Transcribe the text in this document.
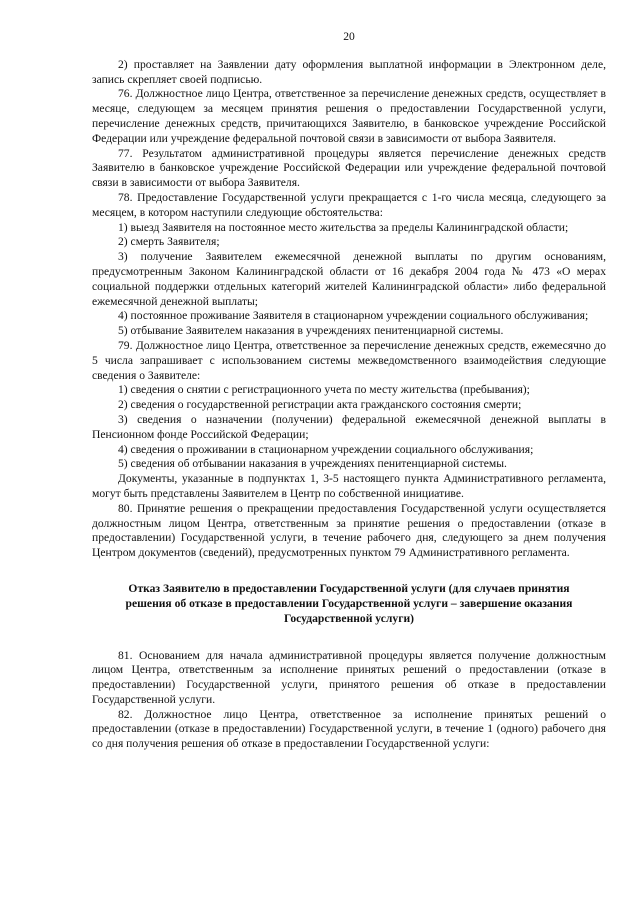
20

2) проставляет на Заявлении дату оформления выплатной информации в Электронном деле, запись скрепляет своей подписью.

76. Должностное лицо Центра, ответственное за перечисление денежных средств, осуществляет в месяце, следующем за месяцем принятия решения о предоставлении Государственной услуги, перечисление денежных средств, причитающихся Заявителю, в банковское учреждение Российской Федерации или учреждение федеральной почтовой связи в зависимости от выбора Заявителя.

77. Результатом административной процедуры является перечисление денежных средств Заявителю в банковское учреждение Российской Федерации или учреждение федеральной почтовой связи в зависимости от выбора Заявителя.

78. Предоставление Государственной услуги прекращается с 1-го числа месяца, следующего за месяцем, в котором наступили следующие обстоятельства:

1) выезд Заявителя на постоянное место жительства за пределы Калининградской области;

2) смерть Заявителя;

3) получение Заявителем ежемесячной денежной выплаты по другим основаниям, предусмотренным Законом Калининградской области от 16 декабря 2004 года № 473 «О мерах социальной поддержки отдельных категорий жителей Калининградской области» либо федеральной ежемесячной денежной выплаты;

4) постоянное проживание Заявителя в стационарном учреждении социального обслуживания;

5) отбывание Заявителем наказания в учреждениях пенитенциарной системы.

79. Должностное лицо Центра, ответственное за перечисление денежных средств, ежемесячно до 5 числа запрашивает с использованием системы межведомственного взаимодействия следующие сведения о Заявителе:

1) сведения о снятии с регистрационного учета по месту жительства (пребывания);

2) сведения о государственной регистрации акта гражданского состояния смерти;

3) сведения о назначении (получении) федеральной ежемесячной денежной выплаты в Пенсионном фонде Российской Федерации;

4) сведения о проживании в стационарном учреждении социального обслуживания;

5) сведения об отбывании наказания в учреждениях пенитенциарной системы.

Документы, указанные в подпунктах 1, 3-5 настоящего пункта Административного регламента, могут быть представлены Заявителем в Центр по собственной инициативе.

80. Принятие решения о прекращении предоставления Государственной услуги осуществляется должностным лицом Центра, ответственным за принятие решения о предоставлении (отказе в предоставлении) Государственной услуги, в течение рабочего дня, следующего за днем получения Центром документов (сведений), предусмотренных пунктом 79 Административного регламента.

Отказ Заявителю в предоставлении Государственной услуги (для случаев принятия решения об отказе в предоставлении Государственной услуги – завершение оказания Государственной услуги)

81. Основанием для начала административной процедуры является получение должностным лицом Центра, ответственным за исполнение принятых решений о предоставлении (отказе в предоставлении) Государственной услуги, принятого решения об отказе в предоставлении Государственной услуги.

82. Должностное лицо Центра, ответственное за исполнение принятых решений о предоставлении (отказе в предоставлении) Государственной услуги, в течение 1 (одного) рабочего дня со дня получения решения об отказе в предоставлении Государственной услуги:
